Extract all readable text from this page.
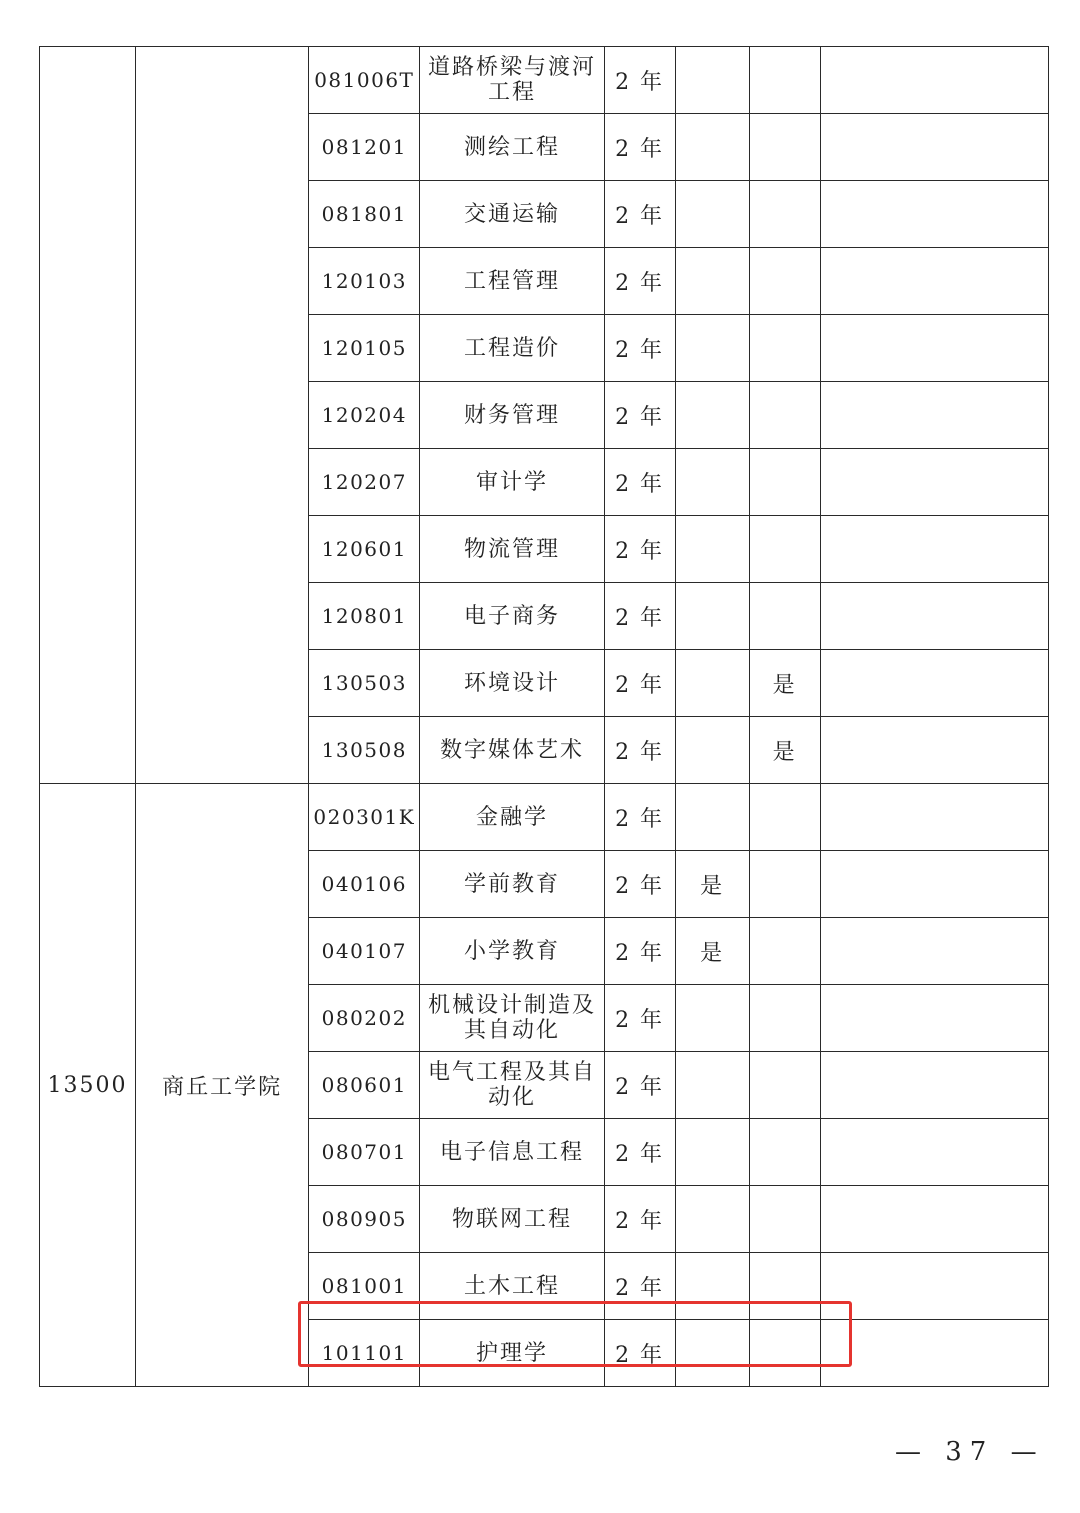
		081006T	道路桥梁与渡河工程	2 年			
		081201	测绘工程	2 年			
		081801	交通运输	2 年			
		120103	工程管理	2 年			
		120105	工程造价	2 年			
		120204	财务管理	2 年			
		120207	审计学	2 年			
		120601	物流管理	2 年			
		120801	电子商务	2 年			
		130503	环境设计	2 年		是	
		130508	数字媒体艺术	2 年		是	
13500	商丘工学院	020301K	金融学	2 年			
		040106	学前教育	2 年	是		
		040107	小学教育	2 年	是		
		080202	机械设计制造及其自动化	2 年			
		080601	电气工程及其自动化	2 年			
		080701	电子信息工程	2 年			
		080905	物联网工程	2 年			
		081001	土木工程	2 年			
		101101	护理学	2 年			
— 37 —
